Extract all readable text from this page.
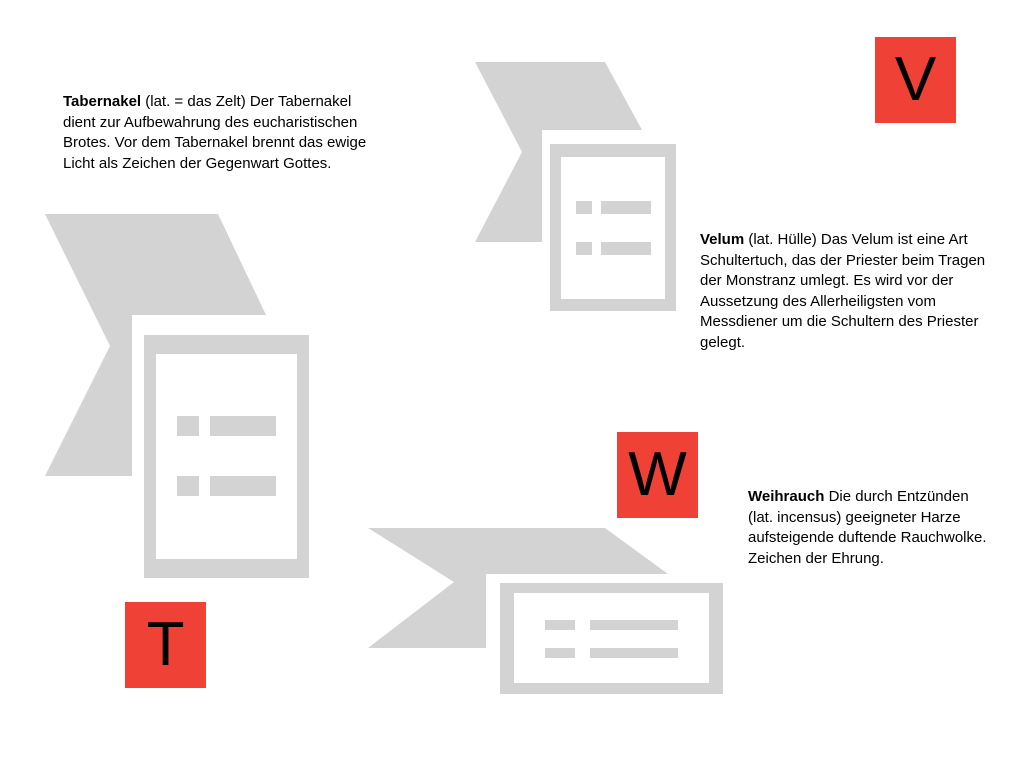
V
W
T

Tabernakel (lat. = das Zelt) Der Tabernakel dient zur Aufbewahrung des eucharistischen Brotes. Vor dem Tabernakel brennt das ewige Licht als Zeichen der Gegenwart Gottes.

Velum (lat. Hülle) Das Velum ist eine Art Schultertuch, das der Priester beim Tragen der Monstranz umlegt. Es wird vor der Aussetzung des Allerheiligsten vom Messdiener um die Schultern des Priester gelegt.

Weihrauch Die durch Entzünden (lat. incensus) geeigneter Harze aufsteigende duftende Rauchwolke. Zeichen der Ehrung.
